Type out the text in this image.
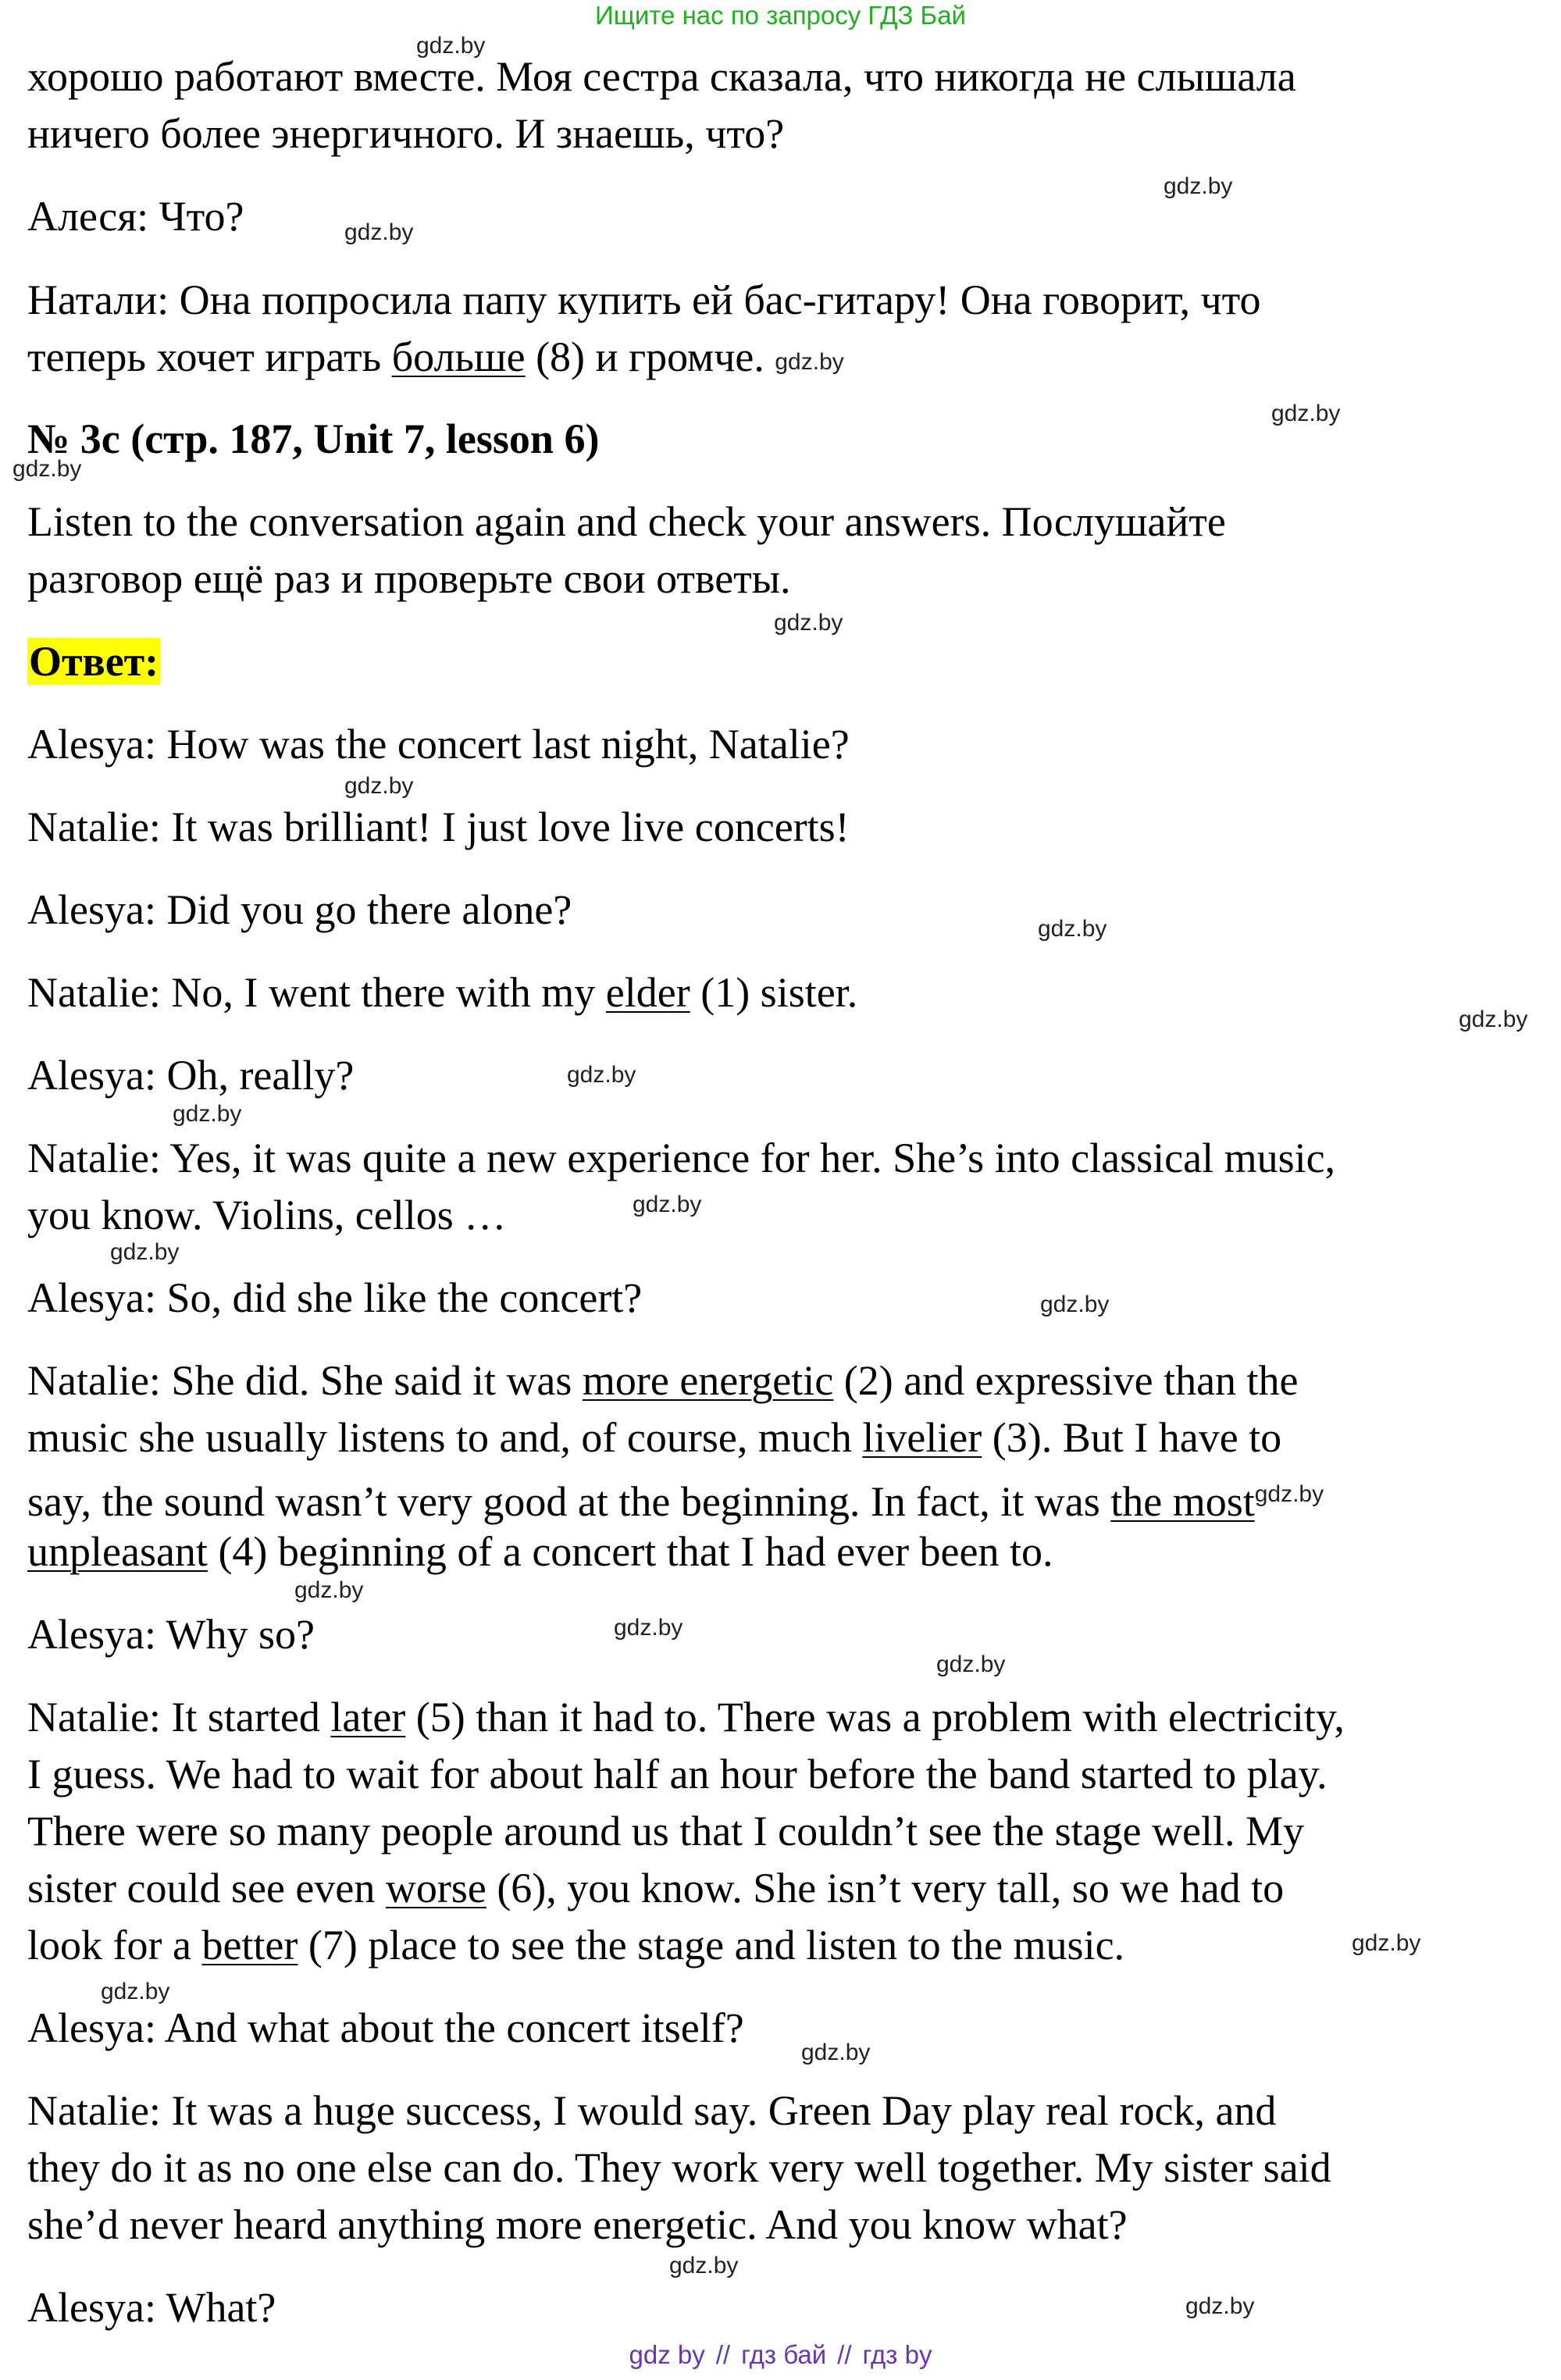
Ищите нас по запросу ГДЗ Бай
хорошо работают вместе. Моя сестра сказала, что никогда не слышала
ничего более энергичного. И знаешь, что?
Алеся: Что?
Натали: Она попросила папу купить ей бас-гитару! Она говорит, что
теперь хочет играть больше (8) и громче. gdz.by
№ 3c (стр. 187, Unit 7, lesson 6)
Listen to the conversation again and check your answers. Послушайте
разговор ещё раз и проверьте свои ответы.
Ответ:
Alesya: How was the concert last night, Natalie?
Natalie: It was brilliant! I just love live concerts!
Alesya: Did you go there alone?
Natalie: No, I went there with my elder (1) sister.
Alesya: Oh, really?
Natalie: Yes, it was quite a new experience for her. She’s into classical music,
you know. Violins, cellos …
Alesya: So, did she like the concert?
Natalie: She did. She said it was more energetic (2) and expressive than the
music she usually listens to and, of course, much livelier (3). But I have to
say, the sound wasn’t very good at the beginning. In fact, it was the most$^{gdz.by}$
unpleasant (4) beginning of a concert that I had ever been to.
Alesya: Why so?
Natalie: It started later (5) than it had to. There was a problem with electricity,
I guess. We had to wait for about half an hour before the band started to play.
There were so many people around us that I couldn’t see the stage well. My
sister could see even worse (6), you know. She isn’t very tall, so we had to
look for a better (7) place to see the stage and listen to the music.
Alesya: And what about the concert itself?
Natalie: It was a huge success, I would say. Green Day play real rock, and
they do it as no one else can do. They work very well together. My sister said
she’d never heard anything more energetic. And you know what?
Alesya: What?
gdz.by
gdz.by
gdz.by
gdz.by
gdz.by
gdz.by
gdz.by
gdz.by
gdz.by
gdz.by
gdz.by
gdz.by
gdz.by
gdz.by
gdz.by
gdz.by
gdz.by
gdz.by
gdz.by
gdz.by
gdz.by
gdz.by
gdz by // гдз бай // гдз by
